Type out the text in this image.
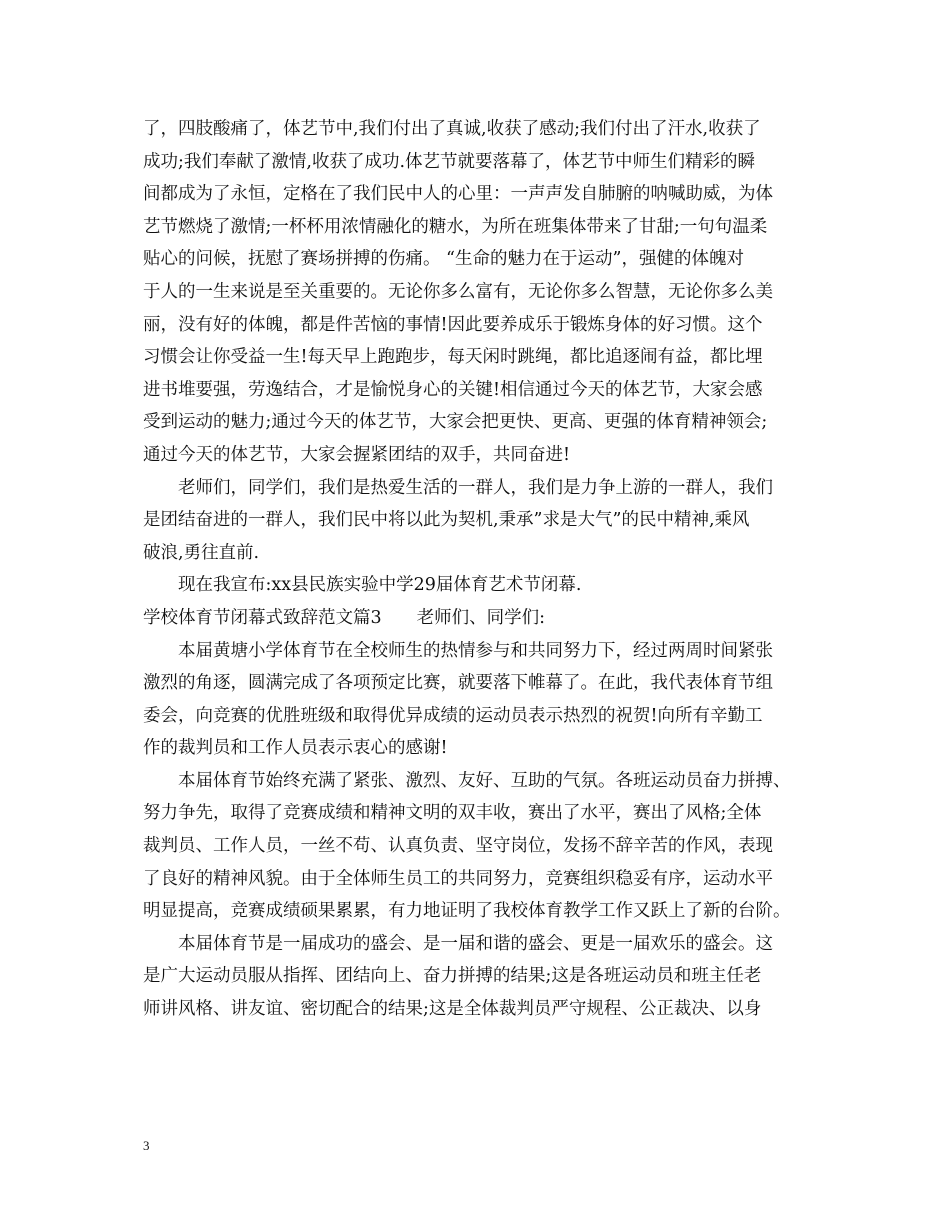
了，四肢酸痛了，体艺节中,我们付出了真诚,收获了感动;我们付出了汗水,收获了
成功;我们奉献了激情,收获了成功.体艺节就要落幕了，体艺节中师生们精彩的瞬
间都成为了永恒，定格在了我们民中人的心里：一声声发自肺腑的呐喊助威，为体
艺节燃烧了激情;一杯杯用浓情融化的糖水，为所在班集体带来了甘甜;一句句温柔
贴心的问候，抚慰了赛场拼搏的伤痛。 “生命的魅力在于运动”，强健的体魄对
于人的一生来说是至关重要的。无论你多么富有，无论你多么智慧，无论你多么美
丽，没有好的体魄，都是件苦恼的事情!因此要养成乐于锻炼身体的好习惯。这个
习惯会让你受益一生!每天早上跑跑步，每天闲时跳绳，都比追逐闹有益，都比埋
进书堆要强，劳逸结合，才是愉悦身心的关键!相信通过今天的体艺节，大家会感
受到运动的魅力;通过今天的体艺节，大家会把更快、更高、更强的体育精神领会;
通过今天的体艺节，大家会握紧团结的双手，共同奋进!
　　老师们，同学们，我们是热爱生活的一群人，我们是力争上游的一群人，我们
是团结奋进的一群人，我们民中将以此为契机,秉承”求是大气”的民中精神,乘风
破浪,勇往直前.
　　现在我宣布:xx县民族实验中学29届体育艺术节闭幕.
学校体育节闭幕式致辞范文篇3　　老师们、同学们:
　　本届黄塘小学体育节在全校师生的热情参与和共同努力下，经过两周时间紧张
激烈的角逐，圆满完成了各项预定比赛，就要落下帷幕了。在此，我代表体育节组
委会，向竞赛的优胜班级和取得优异成绩的运动员表示热烈的祝贺!向所有辛勤工
作的裁判员和工作人员表示衷心的感谢!
　　本届体育节始终充满了紧张、激烈、友好、互助的气氛。各班运动员奋力拼搏、
努力争先，取得了竞赛成绩和精神文明的双丰收，赛出了水平，赛出了风格;全体
裁判员、工作人员，一丝不苟、认真负责、坚守岗位，发扬不辞辛苦的作风，表现
了良好的精神风貌。由于全体师生员工的共同努力，竞赛组织稳妥有序，运动水平
明显提高，竞赛成绩硕果累累，有力地证明了我校体育教学工作又跃上了新的台阶。
　　本届体育节是一届成功的盛会、是一届和谐的盛会、更是一届欢乐的盛会。这
是广大运动员服从指挥、团结向上、奋力拼搏的结果;这是各班运动员和班主任老
师讲风格、讲友谊、密切配合的结果;这是全体裁判员严守规程、公正裁决、以身
3
